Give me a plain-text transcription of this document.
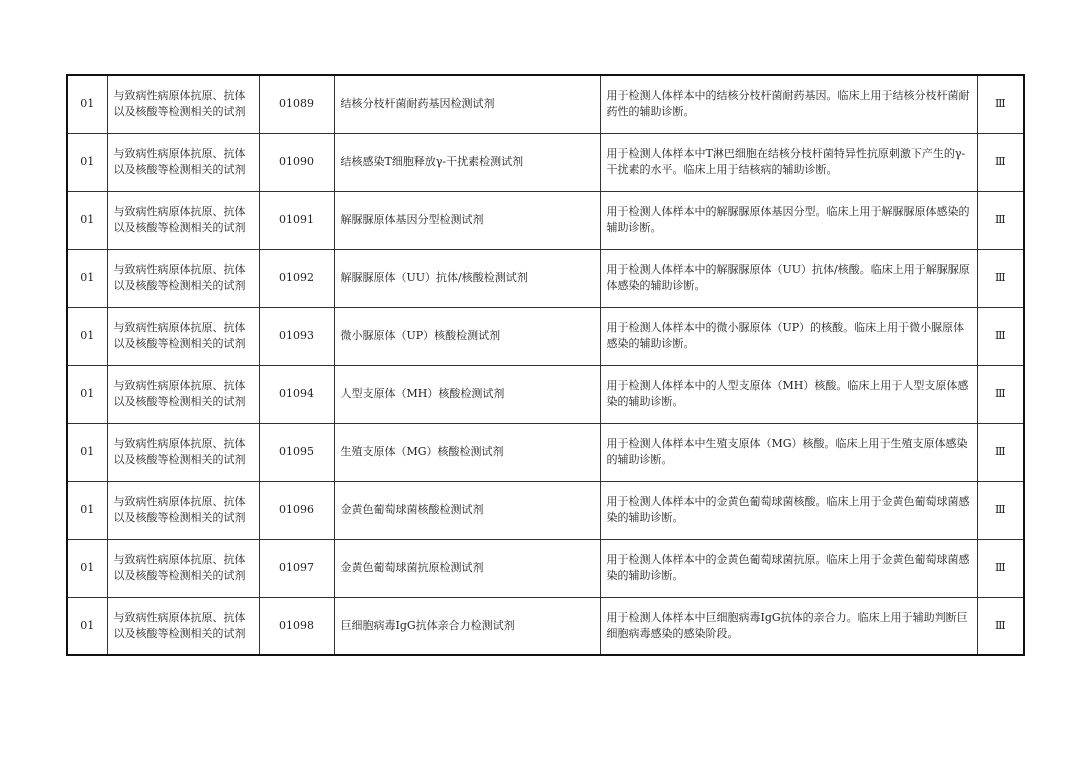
01	与致病性病原体抗原、抗体以及核酸等检测相关的试剂	01089	结核分枝杆菌耐药基因检测试剂	用于检测人体样本中的结核分枝杆菌耐药基因。临床上用于结核分枝杆菌耐药性的辅助诊断。	Ⅲ
01	与致病性病原体抗原、抗体以及核酸等检测相关的试剂	01090	结核感染T细胞释放γ-干扰素检测试剂	用于检测人体样本中T淋巴细胞在结核分枝杆菌特异性抗原刺激下产生的γ-干扰素的水平。临床上用于结核病的辅助诊断。	Ⅲ
01	与致病性病原体抗原、抗体以及核酸等检测相关的试剂	01091	解脲脲原体基因分型检测试剂	用于检测人体样本中的解脲脲原体基因分型。临床上用于解脲脲原体感染的辅助诊断。	Ⅲ
01	与致病性病原体抗原、抗体以及核酸等检测相关的试剂	01092	解脲脲原体（UU）抗体/核酸检测试剂	用于检测人体样本中的解脲脲原体（UU）抗体/核酸。临床上用于解脲脲原体感染的辅助诊断。	Ⅲ
01	与致病性病原体抗原、抗体以及核酸等检测相关的试剂	01093	微小脲原体（UP）核酸检测试剂	用于检测人体样本中的微小脲原体（UP）的核酸。临床上用于微小脲原体感染的辅助诊断。	Ⅲ
01	与致病性病原体抗原、抗体以及核酸等检测相关的试剂	01094	人型支原体（MH）核酸检测试剂	用于检测人体样本中的人型支原体（MH）核酸。临床上用于人型支原体感染的辅助诊断。	Ⅲ
01	与致病性病原体抗原、抗体以及核酸等检测相关的试剂	01095	生殖支原体（MG）核酸检测试剂	用于检测人体样本中生殖支原体（MG）核酸。临床上用于生殖支原体感染的辅助诊断。	Ⅲ
01	与致病性病原体抗原、抗体以及核酸等检测相关的试剂	01096	金黄色葡萄球菌核酸检测试剂	用于检测人体样本中的金黄色葡萄球菌核酸。临床上用于金黄色葡萄球菌感染的辅助诊断。	Ⅲ
01	与致病性病原体抗原、抗体以及核酸等检测相关的试剂	01097	金黄色葡萄球菌抗原检测试剂	用于检测人体样本中的金黄色葡萄球菌抗原。临床上用于金黄色葡萄球菌感染的辅助诊断。	Ⅲ
01	与致病性病原体抗原、抗体以及核酸等检测相关的试剂	01098	巨细胞病毒IgG抗体亲合力检测试剂	用于检测人体样本中巨细胞病毒IgG抗体的亲合力。临床上用于辅助判断巨细胞病毒感染的感染阶段。	Ⅲ
